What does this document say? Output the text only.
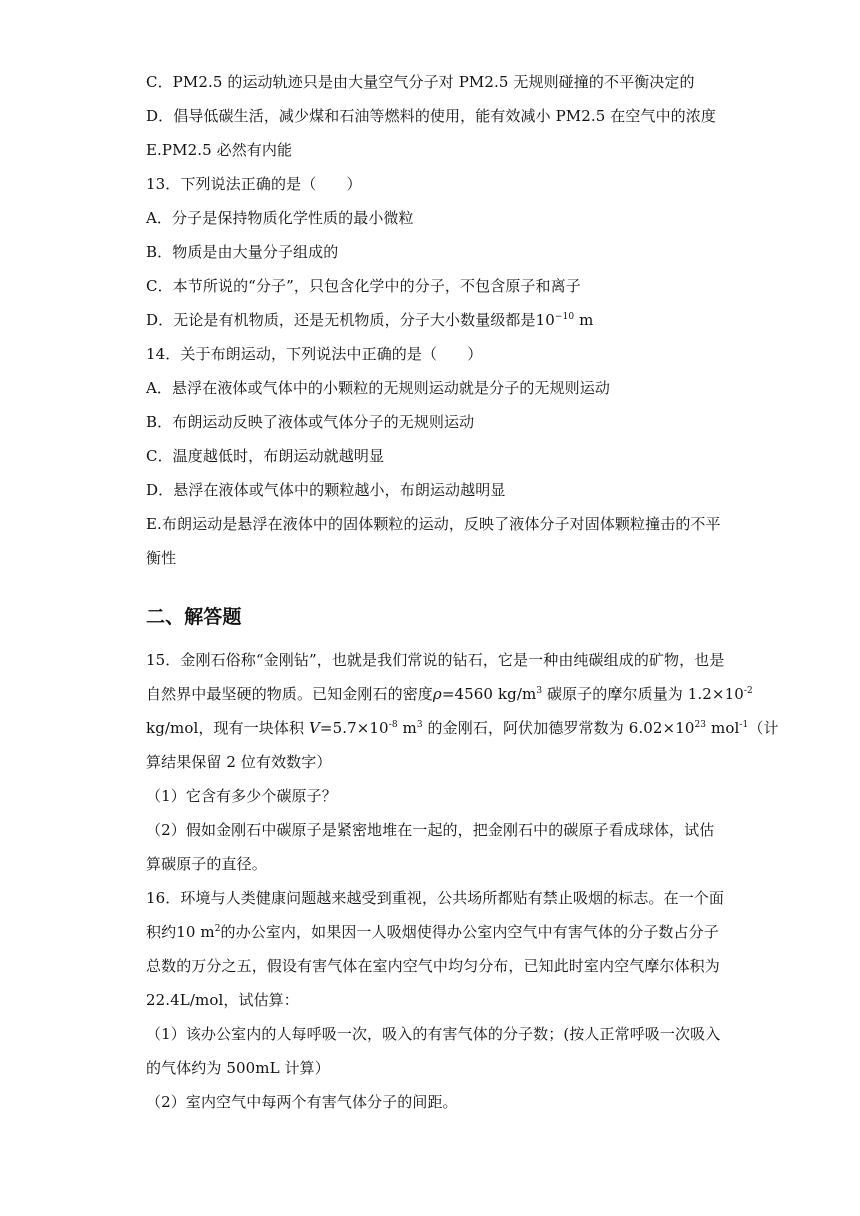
C．PM2.5 的运动轨迹只是由大量空气分子对 PM2.5 无规则碰撞的不平衡决定的
D．倡导低碳生活，减少煤和石油等燃料的使用，能有效减小 PM2.5 在空气中的浓度
E.PM2.5 必然有内能
13．下列说法正确的是（　　）
A．分子是保持物质化学性质的最小微粒
B．物质是由大量分子组成的
C．本节所说的“分子”，只包含化学中的分子，不包含原子和离子
D．无论是有机物质，还是无机物质，分子大小数量级都是$10^{-10}$ m
14．关于布朗运动，下列说法中正确的是（　　）
A．悬浮在液体或气体中的小颗粒的无规则运动就是分子的无规则运动
B．布朗运动反映了液体或气体分子的无规则运动
C．温度越低时，布朗运动就越明显
D．悬浮在液体或气体中的颗粒越小，布朗运动越明显
E.布朗运动是悬浮在液体中的固体颗粒的运动，反映了液体分子对固体颗粒撞击的不平
衡性
二、解答题
15．金刚石俗称“金刚钻”，也就是我们常说的钻石，它是一种由纯碳组成的矿物，也是
自然界中最坚硬的物质。已知金刚石的密度ρ=4560 $kg/m^3$ 碳原子的摩尔质量为 $1.2\times 10^{-2}$
kg/mol，现有一块体积 $V=5.7\times 10^{-8}$ $m^3$ 的金刚石，阿伏加德罗常数为 $6.02\times 10^{23}$ mol$^{-1}$（计
算结果保留 2 位有效数字）
（1）它含有多少个碳原子？
（2）假如金刚石中碳原子是紧密地堆在一起的，把金刚石中的碳原子看成球体，试估
算碳原子的直径。
16．环境与人类健康问题越来越受到重视，公共场所都贴有禁止吸烟的标志。在一个面
积约10 $m^2$的办公室内，如果因一人吸烟使得办公室内空气中有害气体的分子数占分子
总数的万分之五，假设有害气体在室内空气中均匀分布，已知此时室内空气摩尔体积为
22.4L/mol，试估算：
（1）该办公室内的人每呼吸一次，吸入的有害气体的分子数；(按人正常呼吸一次吸入
的气体约为 500mL 计算）
（2）室内空气中每两个有害气体分子的间距。
